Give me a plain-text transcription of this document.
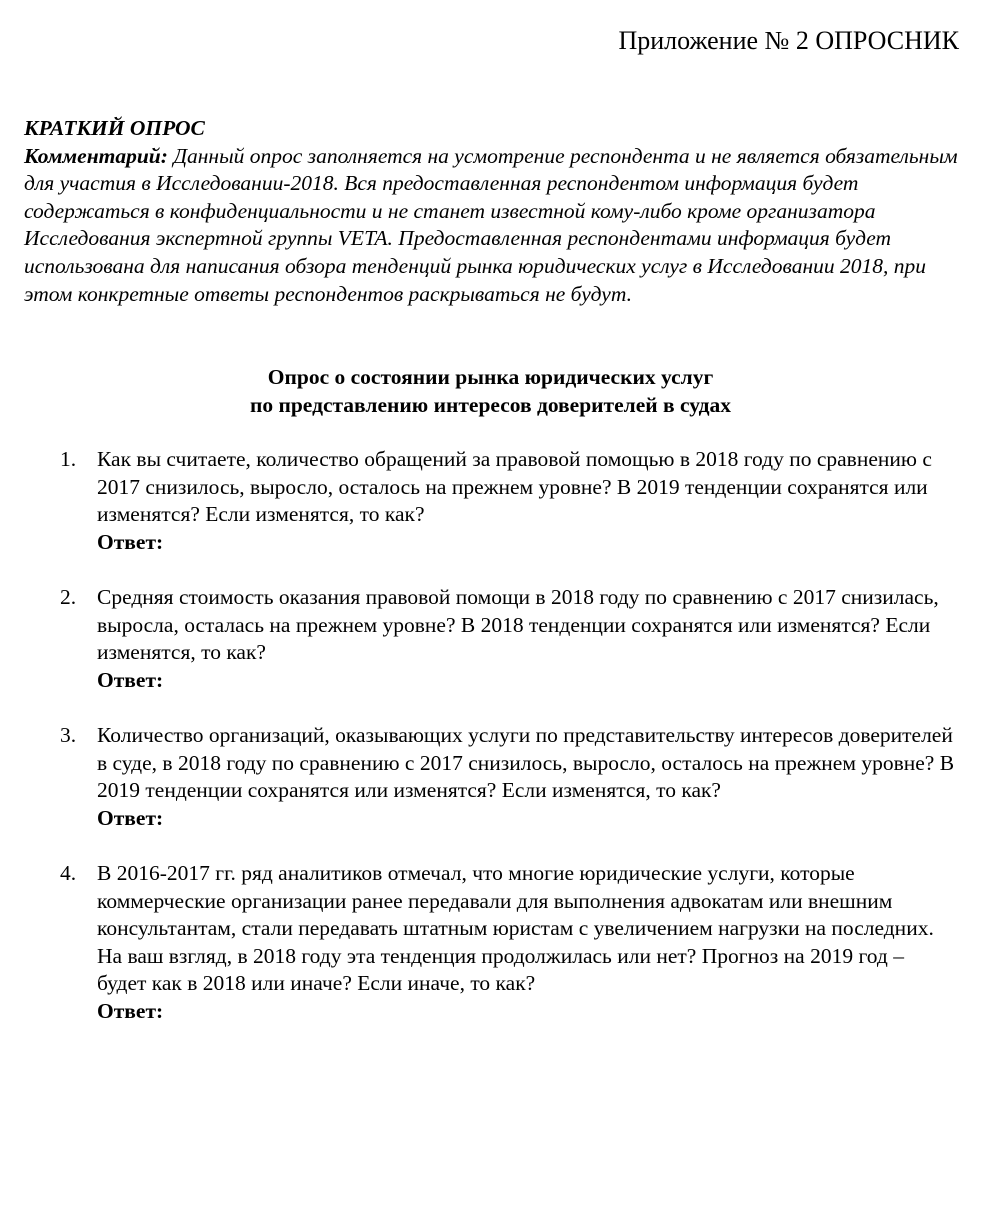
Приложение № 2 ОПРОСНИК
КРАТКИЙ ОПРОС
Комментарий: Данный опрос заполняется на усмотрение респондента и не является обязательным для участия в Исследовании-2018. Вся предоставленная респондентом информация будет содержаться в конфиденциальности и не станет известной кому-либо кроме организатора Исследования экспертной группы VETA. Предоставленная респондентами информация будет использована для написания обзора тенденций рынка юридических услуг в Исследовании 2018, при этом конкретные ответы респондентов раскрываться не будут.
Опрос о состоянии рынка юридических услуг
по представлению интересов доверителей в судах
1. Как вы считаете, количество обращений за правовой помощью в 2018 году по сравнению с 2017 снизилось, выросло, осталось на прежнем уровне? В 2019 тенденции сохранятся или изменятся? Если изменятся, то как?
Ответ:
2. Средняя стоимость оказания правовой помощи в 2018 году по сравнению с 2017 снизилась, выросла, осталась на прежнем уровне? В 2018 тенденции сохранятся или изменятся? Если изменятся, то как?
Ответ:
3. Количество организаций, оказывающих услуги по представительству интересов доверителей в суде, в 2018 году по сравнению с 2017 снизилось, выросло, осталось на прежнем уровне? В 2019 тенденции сохранятся или изменятся? Если изменятся, то как?
Ответ:
4. В 2016-2017 гг. ряд аналитиков отмечал, что многие юридические услуги, которые коммерческие организации ранее передавали для выполнения адвокатам или внешним консультантам, стали передавать штатным юристам с увеличением нагрузки на последних. На ваш взгляд, в 2018 году эта тенденция продолжилась или нет? Прогноз на 2019 год – будет как в 2018 или иначе? Если иначе, то как?
Ответ:
